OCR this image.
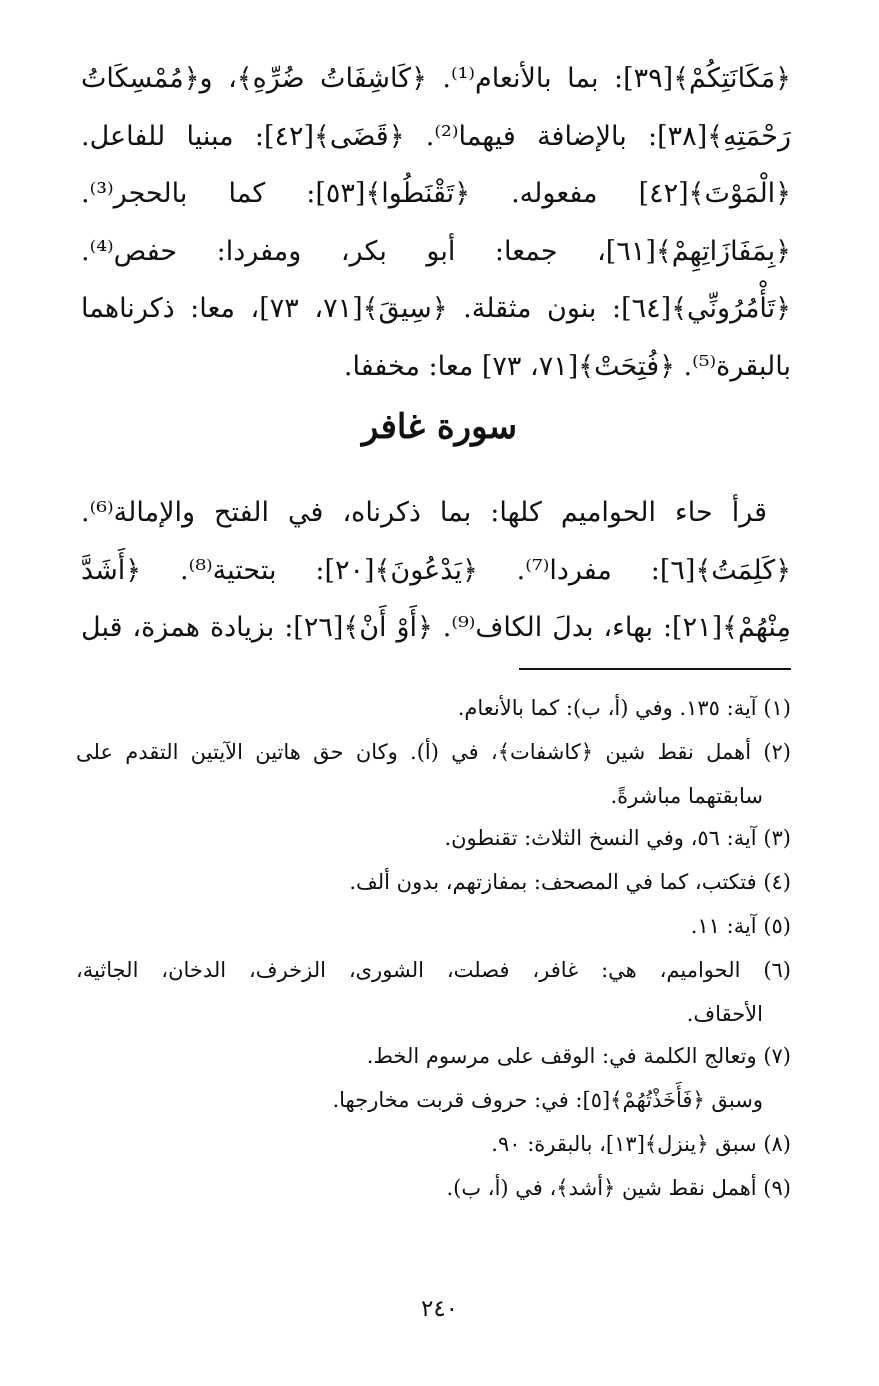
﴿مَكَانَتِكُمْ﴾[٣٩]: بما بالأنعام⁽¹⁾. ﴿كَاشِفَاتُ ضُرِّهِ﴾، و﴿مُمْسِكَاتُ
رَحْمَتِهِ﴾[٣٨]: بالإضافة فيهما⁽²⁾. ﴿قَضَى﴾[٤٢]: مبنيا للفاعل.
﴿الْمَوْتَ﴾[٤٢] مفعوله. ﴿تَقْنَطُوا﴾[٥٣]: كما بالحجر⁽³⁾.
﴿بِمَفَازَاتِهِمْ﴾[٦١]، جمعا: أبو بكر، ومفردا: حفص⁽⁴⁾.
﴿تَأْمُرُونِّي﴾[٦٤]: بنون مثقلة. ﴿سِيقَ﴾[٧١، ٧٣]، معا: ذكرناهما
بالبقرة⁽⁵⁾. ﴿فُتِحَتْ﴾[٧١، ٧٣] معا: مخففا.
سورة غافر
قرأ حاء الحواميم كلها: بما ذكرناه، في الفتح والإمالة⁽⁶⁾.
﴿كَلِمَتُ﴾[٦]: مفردا⁽⁷⁾. ﴿يَدْعُونَ﴾[٢٠]: بتحتية⁽⁸⁾. ﴿أَشَدَّ
مِنْهُمْ﴾[٢١]: بهاء، بدلَ الكاف⁽⁹⁾. ﴿أَوْ أَنْ﴾[٢٦]: بزيادة همزة، قبل
(١) آية: ١٣٥. وفي (أ، ب): كما بالأنعام.
(٢) أهمل نقط شين ﴿كاشفات﴾، في (أ). وكان حق هاتين الآيتين التقدم على
سابقتهما مباشرةً.
(٣) آية: ٥٦، وفي النسخ الثلاث: تقنطون.
(٤) فتكتب، كما في المصحف: بمفازتهم، بدون ألف.
(٥) آية: ١١.
(٦) الحواميم، هي: غافر، فصلت، الشورى، الزخرف، الدخان، الجاثية،
الأحقاف.
(٧) وتعالج الكلمة في: الوقف على مرسوم الخط.
وسبق ﴿فَأَخَذْتُهُمْ﴾[٥]: في: حروف قربت مخارجها.
(٨) سبق ﴿ينزل﴾[١٣]، بالبقرة: ٩٠.
(٩) أهمل نقط شين ﴿أشد﴾، في (أ، ب).
٢٤٠
